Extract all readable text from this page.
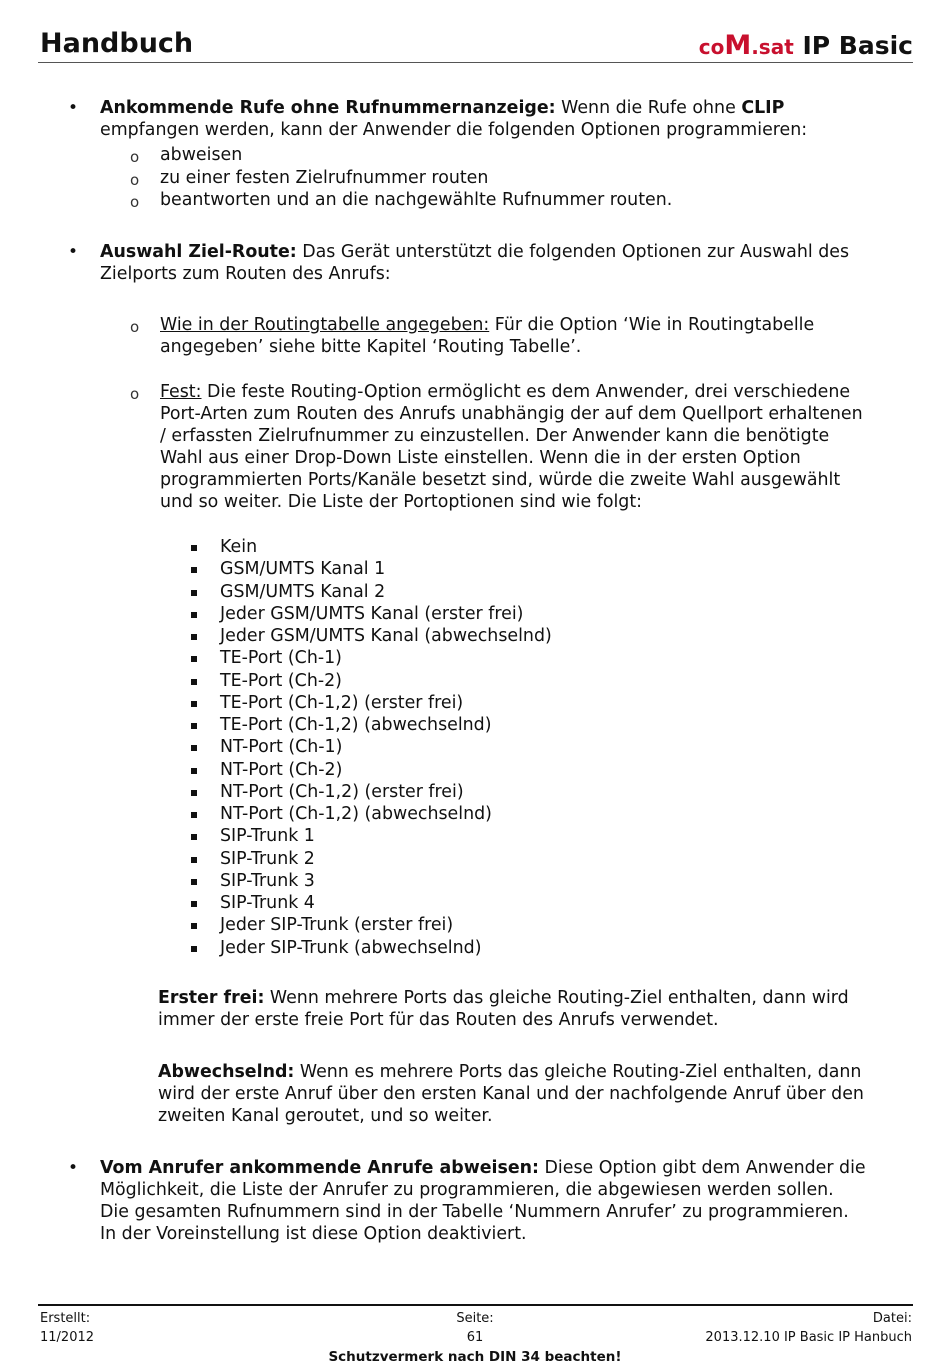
Handbuch	coM.sat IP Basic
• Ankommende Rufe ohne Rufnummernanzeige: Wenn die Rufe ohne CLIP
empfangen werden, kann der Anwender die folgenden Optionen programmieren:
o abweisen
o zu einer festen Zielrufnummer routen
o beantworten und an die nachgewählte Rufnummer routen.
• Auswahl Ziel-Route: Das Gerät unterstützt die folgenden Optionen zur Auswahl des
Zielports zum Routen des Anrufs:
o Wie in der Routingtabelle angegeben: Für die Option ‘Wie in Routingtabelle
angegeben’ siehe bitte Kapitel ‘Routing Tabelle’.
o Fest: Die feste Routing-Option ermöglicht es dem Anwender, drei verschiedene
Port-Arten zum Routen des Anrufs unabhängig der auf dem Quellport erhaltenen
/ erfassten Zielrufnummer zu einzustellen. Der Anwender kann die benötigte
Wahl aus einer Drop-Down Liste einstellen. Wenn die in der ersten Option
programmierten Ports/Kanäle besetzt sind, würde die zweite Wahl ausgewählt
und so weiter. Die Liste der Portoptionen sind wie folgt:
Kein
GSM/UMTS Kanal 1
GSM/UMTS Kanal 2
Jeder GSM/UMTS Kanal (erster frei)
Jeder GSM/UMTS Kanal (abwechselnd)
TE-Port (Ch-1)
TE-Port (Ch-2)
TE-Port (Ch-1,2) (erster frei)
TE-Port (Ch-1,2) (abwechselnd)
NT-Port (Ch-1)
NT-Port (Ch-2)
NT-Port (Ch-1,2) (erster frei)
NT-Port (Ch-1,2) (abwechselnd)
SIP-Trunk 1
SIP-Trunk 2
SIP-Trunk 3
SIP-Trunk 4
Jeder SIP-Trunk (erster frei)
Jeder SIP-Trunk (abwechselnd)
Erster frei: Wenn mehrere Ports das gleiche Routing-Ziel enthalten, dann wird
immer der erste freie Port für das Routen des Anrufs verwendet.
Abwechselnd: Wenn es mehrere Ports das gleiche Routing-Ziel enthalten, dann
wird der erste Anruf über den ersten Kanal und der nachfolgende Anruf über den
zweiten Kanal geroutet, und so weiter.
• Vom Anrufer ankommende Anrufe abweisen: Diese Option gibt dem Anwender die
Möglichkeit, die Liste der Anrufer zu programmieren, die abgewiesen werden sollen.
Die gesamten Rufnummern sind in der Tabelle ‘Nummern Anrufer’ zu programmieren.
In der Voreinstellung ist diese Option deaktiviert.
Erstellt:
11/2012
Seite:
61
Datei:
2013.12.10 IP Basic IP Hanbuch
Schutzvermerk nach DIN 34 beachten!
